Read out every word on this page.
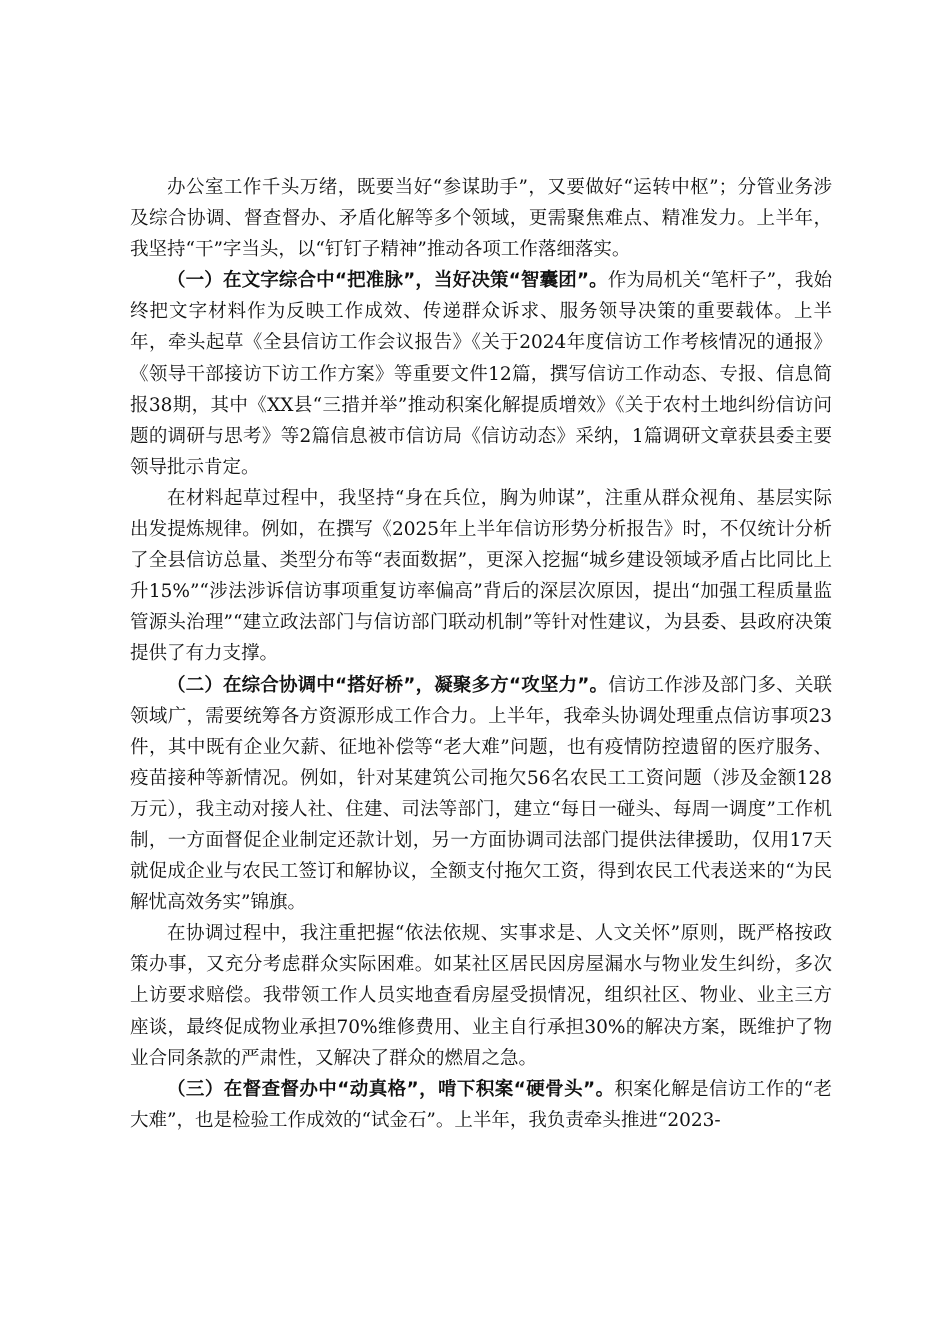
办公室工作千头万绪，既要当好“参谋助手”，又要做好“运转中枢”；分管业务涉及综合协调、督查督办、矛盾化解等多个领域，更需聚焦难点、精准发力。上半年，我坚持“干”字当头，以“钉钉子精神”推动各项工作落细落实。

（一）在文字综合中“把准脉”，当好决策“智囊团”。作为局机关“笔杆子”，我始终把文字材料作为反映工作成效、传递群众诉求、服务领导决策的重要载体。上半年，牵头起草《全县信访工作会议报告》《关于2024年度信访工作考核情况的通报》《领导干部接访下访工作方案》等重要文件12篇，撰写信访工作动态、专报、信息简报38期，其中《XX县“三措并举”推动积案化解提质增效》《关于农村土地纠纷信访问题的调研与思考》等2篇信息被市信访局《信访动态》采纳，1篇调研文章获县委主要领导批示肯定。

在材料起草过程中，我坚持“身在兵位，胸为帅谋”，注重从群众视角、基层实际出发提炼规律。例如，在撰写《2025年上半年信访形势分析报告》时，不仅统计分析了全县信访总量、类型分布等“表面数据”，更深入挖掘“城乡建设领域矛盾占比同比上升15%”“涉法涉诉信访事项重复访率偏高”背后的深层次原因，提出“加强工程质量监管源头治理”“建立政法部门与信访部门联动机制”等针对性建议，为县委、县政府决策提供了有力支撑。

（二）在综合协调中“搭好桥”，凝聚多方“攻坚力”。信访工作涉及部门多、关联领域广，需要统筹各方资源形成工作合力。上半年，我牵头协调处理重点信访事项23件，其中既有企业欠薪、征地补偿等“老大难”问题，也有疫情防控遗留的医疗服务、疫苗接种等新情况。例如，针对某建筑公司拖欠56名农民工工资问题（涉及金额128万元），我主动对接人社、住建、司法等部门，建立“每日一碰头、每周一调度”工作机制，一方面督促企业制定还款计划，另一方面协调司法部门提供法律援助，仅用17天就促成企业与农民工签订和解协议，全额支付拖欠工资，得到农民工代表送来的“为民解忧高效务实”锦旗。

在协调过程中，我注重把握“依法依规、实事求是、人文关怀”原则，既严格按政策办事，又充分考虑群众实际困难。如某社区居民因房屋漏水与物业发生纠纷，多次上访要求赔偿。我带领工作人员实地查看房屋受损情况，组织社区、物业、业主三方座谈，最终促成物业承担70%维修费用、业主自行承担30%的解决方案，既维护了物业合同条款的严肃性，又解决了群众的燃眉之急。

（三）在督查督办中“动真格”，啃下积案“硬骨头”。积案化解是信访工作的“老大难”，也是检验工作成效的“试金石”。上半年，我负责牵头推进“2023-
